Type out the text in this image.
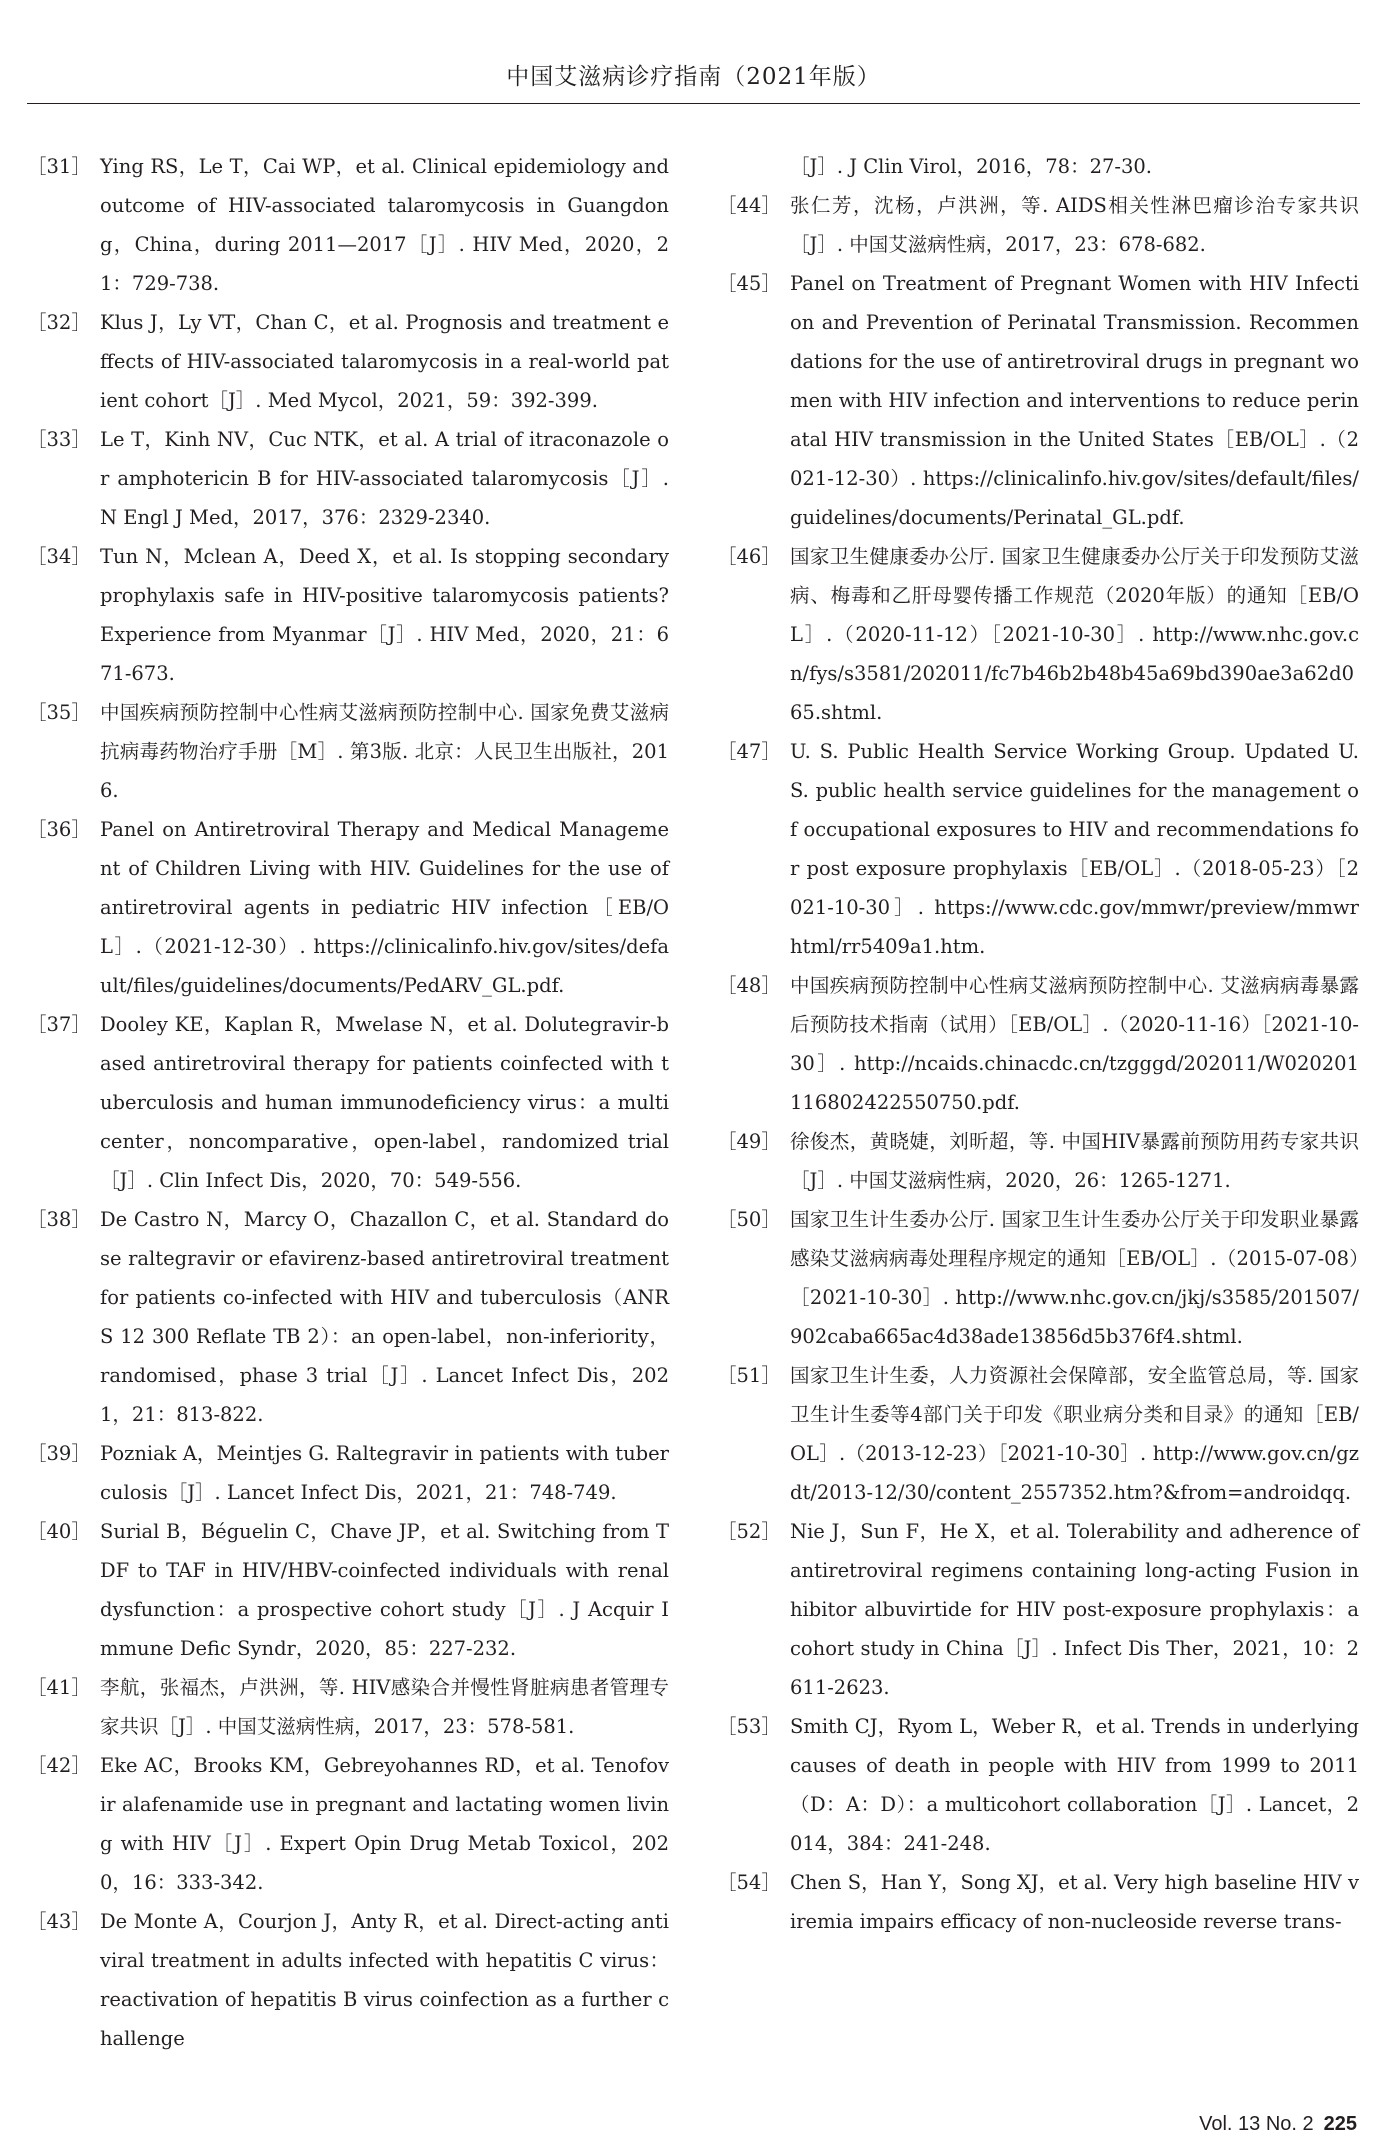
中国艾滋病诊疗指南（2021年版）
［31］ Ying RS，Le T，Cai WP，et al. Clinical epidemiology and outcome of HIV-associated talaromycosis in Guangdong，China，during 2011—2017［J］. HIV Med，2020，21：729-738.
［32］ Klus J，Ly VT，Chan C，et al. Prognosis and treatment effects of HIV-associated talaromycosis in a real-world patient cohort［J］. Med Mycol，2021，59：392-399.
［33］ Le T，Kinh NV，Cuc NTK，et al. A trial of itraconazole or amphotericin B for HIV-associated talaromycosis［J］. N Engl J Med，2017，376：2329-2340.
［34］ Tun N，Mclean A，Deed X，et al. Is stopping secondary prophylaxis safe in HIV-positive talaromycosis patients? Experience from Myanmar［J］. HIV Med，2020，21：671-673.
［35］ 中国疾病预防控制中心性病艾滋病预防控制中心. 国家免费艾滋病抗病毒药物治疗手册［M］. 第3版. 北京：人民卫生出版社，2016.
［36］ Panel on Antiretroviral Therapy and Medical Management of Children Living with HIV. Guidelines for the use of antiretroviral agents in pediatric HIV infection［EB/OL］.（2021-12-30）. https://clinicalinfo.hiv.gov/sites/default/files/guidelines/documents/PedARV_GL.pdf.
［37］ Dooley KE，Kaplan R，Mwelase N，et al. Dolutegravir-based antiretroviral therapy for patients coinfected with tuberculosis and human immunodeficiency virus：a multicenter，noncomparative，open-label，randomized trial［J］. Clin Infect Dis，2020，70：549-556.
［38］ De Castro N，Marcy O，Chazallon C，et al. Standard dose raltegravir or efavirenz-based antiretroviral treatment for patients co-infected with HIV and tuberculosis（ANRS 12 300 Reflate TB 2）：an open-label，non-inferiority，randomised，phase 3 trial［J］. Lancet Infect Dis，2021，21：813-822.
［39］ Pozniak A，Meintjes G. Raltegravir in patients with tuberculosis［J］. Lancet Infect Dis，2021，21：748-749.
［40］ Surial B，Béguelin C，Chave JP，et al. Switching from TDF to TAF in HIV/HBV-coinfected individuals with renal dysfunction：a prospective cohort study［J］. J Acquir Immune Defic Syndr，2020，85：227-232.
［41］ 李航，张福杰，卢洪洲，等. HIV感染合并慢性肾脏病患者管理专家共识［J］. 中国艾滋病性病，2017，23：578-581.
［42］ Eke AC，Brooks KM，Gebreyohannes RD，et al. Tenofovir alafenamide use in pregnant and lactating women living with HIV［J］. Expert Opin Drug Metab Toxicol，2020，16：333-342.
［43］ De Monte A，Courjon J，Anty R，et al. Direct-acting antiviral treatment in adults infected with hepatitis C virus：reactivation of hepatitis B virus coinfection as a further challenge
［J］. J Clin Virol，2016，78：27-30.
［44］ 张仁芳，沈杨，卢洪洲，等. AIDS相关性淋巴瘤诊治专家共识［J］. 中国艾滋病性病，2017，23：678-682.
［45］ Panel on Treatment of Pregnant Women with HIV Infection and Prevention of Perinatal Transmission. Recommendations for the use of antiretroviral drugs in pregnant women with HIV infection and interventions to reduce perinatal HIV transmission in the United States［EB/OL］.（2021-12-30）. https://clinicalinfo.hiv.gov/sites/default/files/guidelines/documents/Perinatal_GL.pdf.
［46］ 国家卫生健康委办公厅. 国家卫生健康委办公厅关于印发预防艾滋病、梅毒和乙肝母婴传播工作规范（2020年版）的通知［EB/OL］.（2020-11-12）［2021-10-30］. http://www.nhc.gov.cn/fys/s3581/202011/fc7b46b2b48b45a69bd390ae3a62d065.shtml.
［47］ U. S. Public Health Service Working Group. Updated U. S. public health service guidelines for the management of occupational exposures to HIV and recommendations for post exposure prophylaxis［EB/OL］.（2018-05-23）［2021-10-30］. https://www.cdc.gov/mmwr/preview/mmwrhtml/rr5409a1.htm.
［48］ 中国疾病预防控制中心性病艾滋病预防控制中心. 艾滋病病毒暴露后预防技术指南（试用）［EB/OL］.（2020-11-16）［2021-10-30］. http://ncaids.chinacdc.cn/tzgggd/202011/W020201116802422550750.pdf.
［49］ 徐俊杰，黄晓婕，刘昕超，等. 中国HIV暴露前预防用药专家共识［J］. 中国艾滋病性病，2020，26：1265-1271.
［50］ 国家卫生计生委办公厅. 国家卫生计生委办公厅关于印发职业暴露感染艾滋病病毒处理程序规定的通知［EB/OL］.（2015-07-08）［2021-10-30］. http://www.nhc.gov.cn/jkj/s3585/201507/902caba665ac4d38ade13856d5b376f4.shtml.
［51］ 国家卫生计生委，人力资源社会保障部，安全监管总局，等. 国家卫生计生委等4部门关于印发《职业病分类和目录》的通知［EB/OL］.（2013-12-23）［2021-10-30］. http://www.gov.cn/gzdt/2013-12/30/content_2557352.htm?&from=androidqq.
［52］ Nie J，Sun F，He X，et al. Tolerability and adherence of antiretroviral regimens containing long-acting Fusion inhibitor albuvirtide for HIV post-exposure prophylaxis：a cohort study in China［J］. Infect Dis Ther，2021，10：2611-2623.
［53］ Smith CJ，Ryom L，Weber R，et al. Trends in underlying causes of death in people with HIV from 1999 to 2011（D：A：D）：a multicohort collaboration［J］. Lancet，2014，384：241-248.
［54］ Chen S，Han Y，Song XJ，et al. Very high baseline HIV viremia impairs efficacy of non-nucleoside reverse trans-
Vol. 13 No. 2 225
